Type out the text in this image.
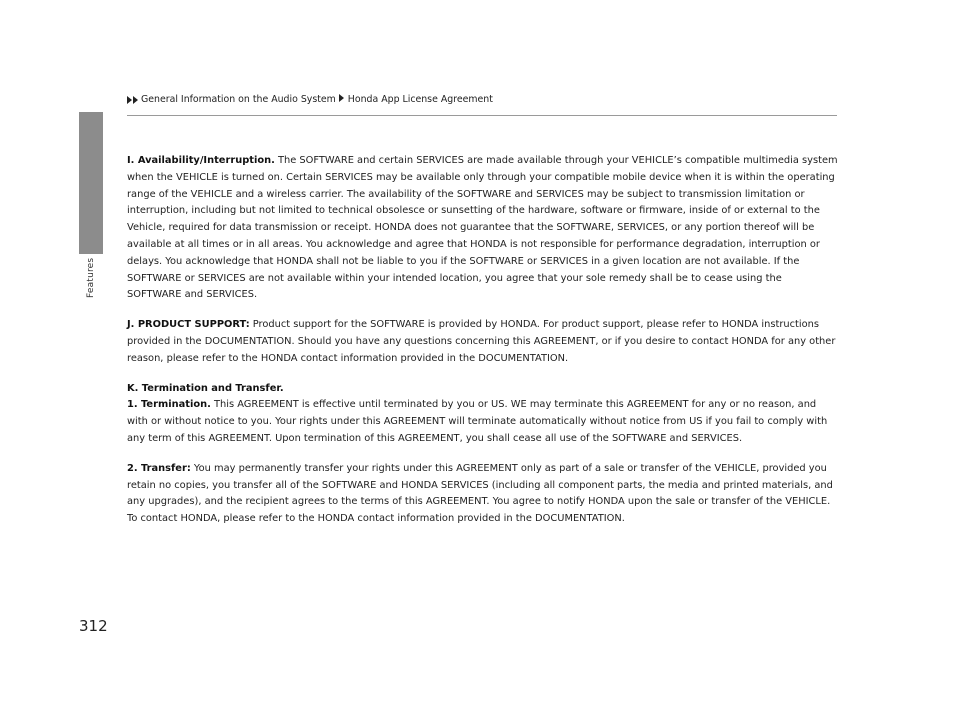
Features
General Information on the Audio System Honda App License Agreement

I. Availability/Interruption. The SOFTWARE and certain SERVICES are made available through your VEHICLE’s compatible multimedia system when the VEHICLE is turned on. Certain SERVICES may be available only through your compatible mobile device when it is within the operating range of the VEHICLE and a wireless carrier. The availability of the SOFTWARE and SERVICES may be subject to transmission limitation or interruption, including but not limited to technical obsolesce or sunsetting of the hardware, software or firmware, inside of or external to the Vehicle, required for data transmission or receipt. HONDA does not guarantee that the SOFTWARE, SERVICES, or any portion thereof will be available at all times or in all areas. You acknowledge and agree that HONDA is not responsible for performance degradation, interruption or delays. You acknowledge that HONDA shall not be liable to you if the SOFTWARE or SERVICES in a given location are not available. If the SOFTWARE or SERVICES are not available within your intended location, you agree that your sole remedy shall be to cease using the SOFTWARE and SERVICES.

J. PRODUCT SUPPORT: Product support for the SOFTWARE is provided by HONDA. For product support, please refer to HONDA instructions provided in the DOCUMENTATION. Should you have any questions concerning this AGREEMENT, or if you desire to contact HONDA for any other reason, please refer to the HONDA contact information provided in the DOCUMENTATION.

K. Termination and Transfer.

1. Termination. This AGREEMENT is effective until terminated by you or US. WE may terminate this AGREEMENT for any or no reason, and with or without notice to you. Your rights under this AGREEMENT will terminate automatically without notice from US if you fail to comply with any term of this AGREEMENT. Upon termination of this AGREEMENT, you shall cease all use of the SOFTWARE and SERVICES.

2. Transfer: You may permanently transfer your rights under this AGREEMENT only as part of a sale or transfer of the VEHICLE, provided you retain no copies, you transfer all of the SOFTWARE and HONDA SERVICES (including all component parts, the media and printed materials, and any upgrades), and the recipient agrees to the terms of this AGREEMENT. You agree to notify HONDA upon the sale or transfer of the VEHICLE. To contact HONDA, please refer to the HONDA contact information provided in the DOCUMENTATION.

312
